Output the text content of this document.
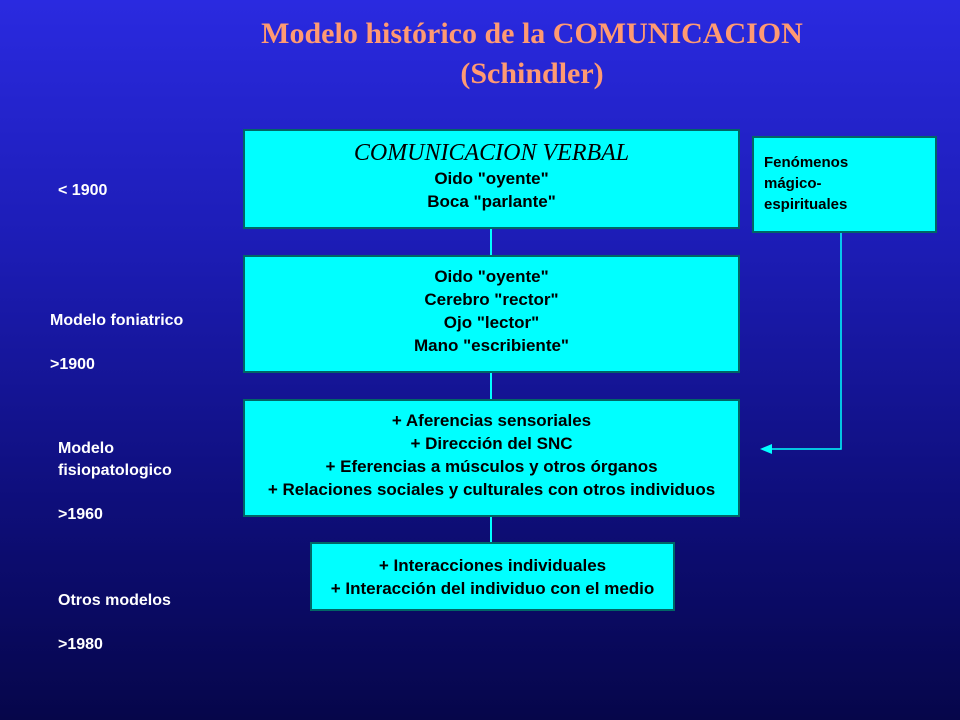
Modelo histórico de la COMUNICACION
(Schindler)

< 1900

Modelo foniatrico

>1900

Modelo
fisiopatologico

>1960

Otros modelos

>1980

COMUNICACION VERBAL
Oido "oyente"
Boca "parlante"
Oido "oyente"
Cerebro "rector"
Ojo "lector"
Mano "escribiente"
+ Aferencias sensoriales
+ Dirección del SNC
+ Eferencias a músculos y otros órganos
+ Relaciones sociales y culturales con otros individuos
+ Interacciones individuales
+ Interacción del individuo con el medio
Fenómenos
mágico-
espirituales
